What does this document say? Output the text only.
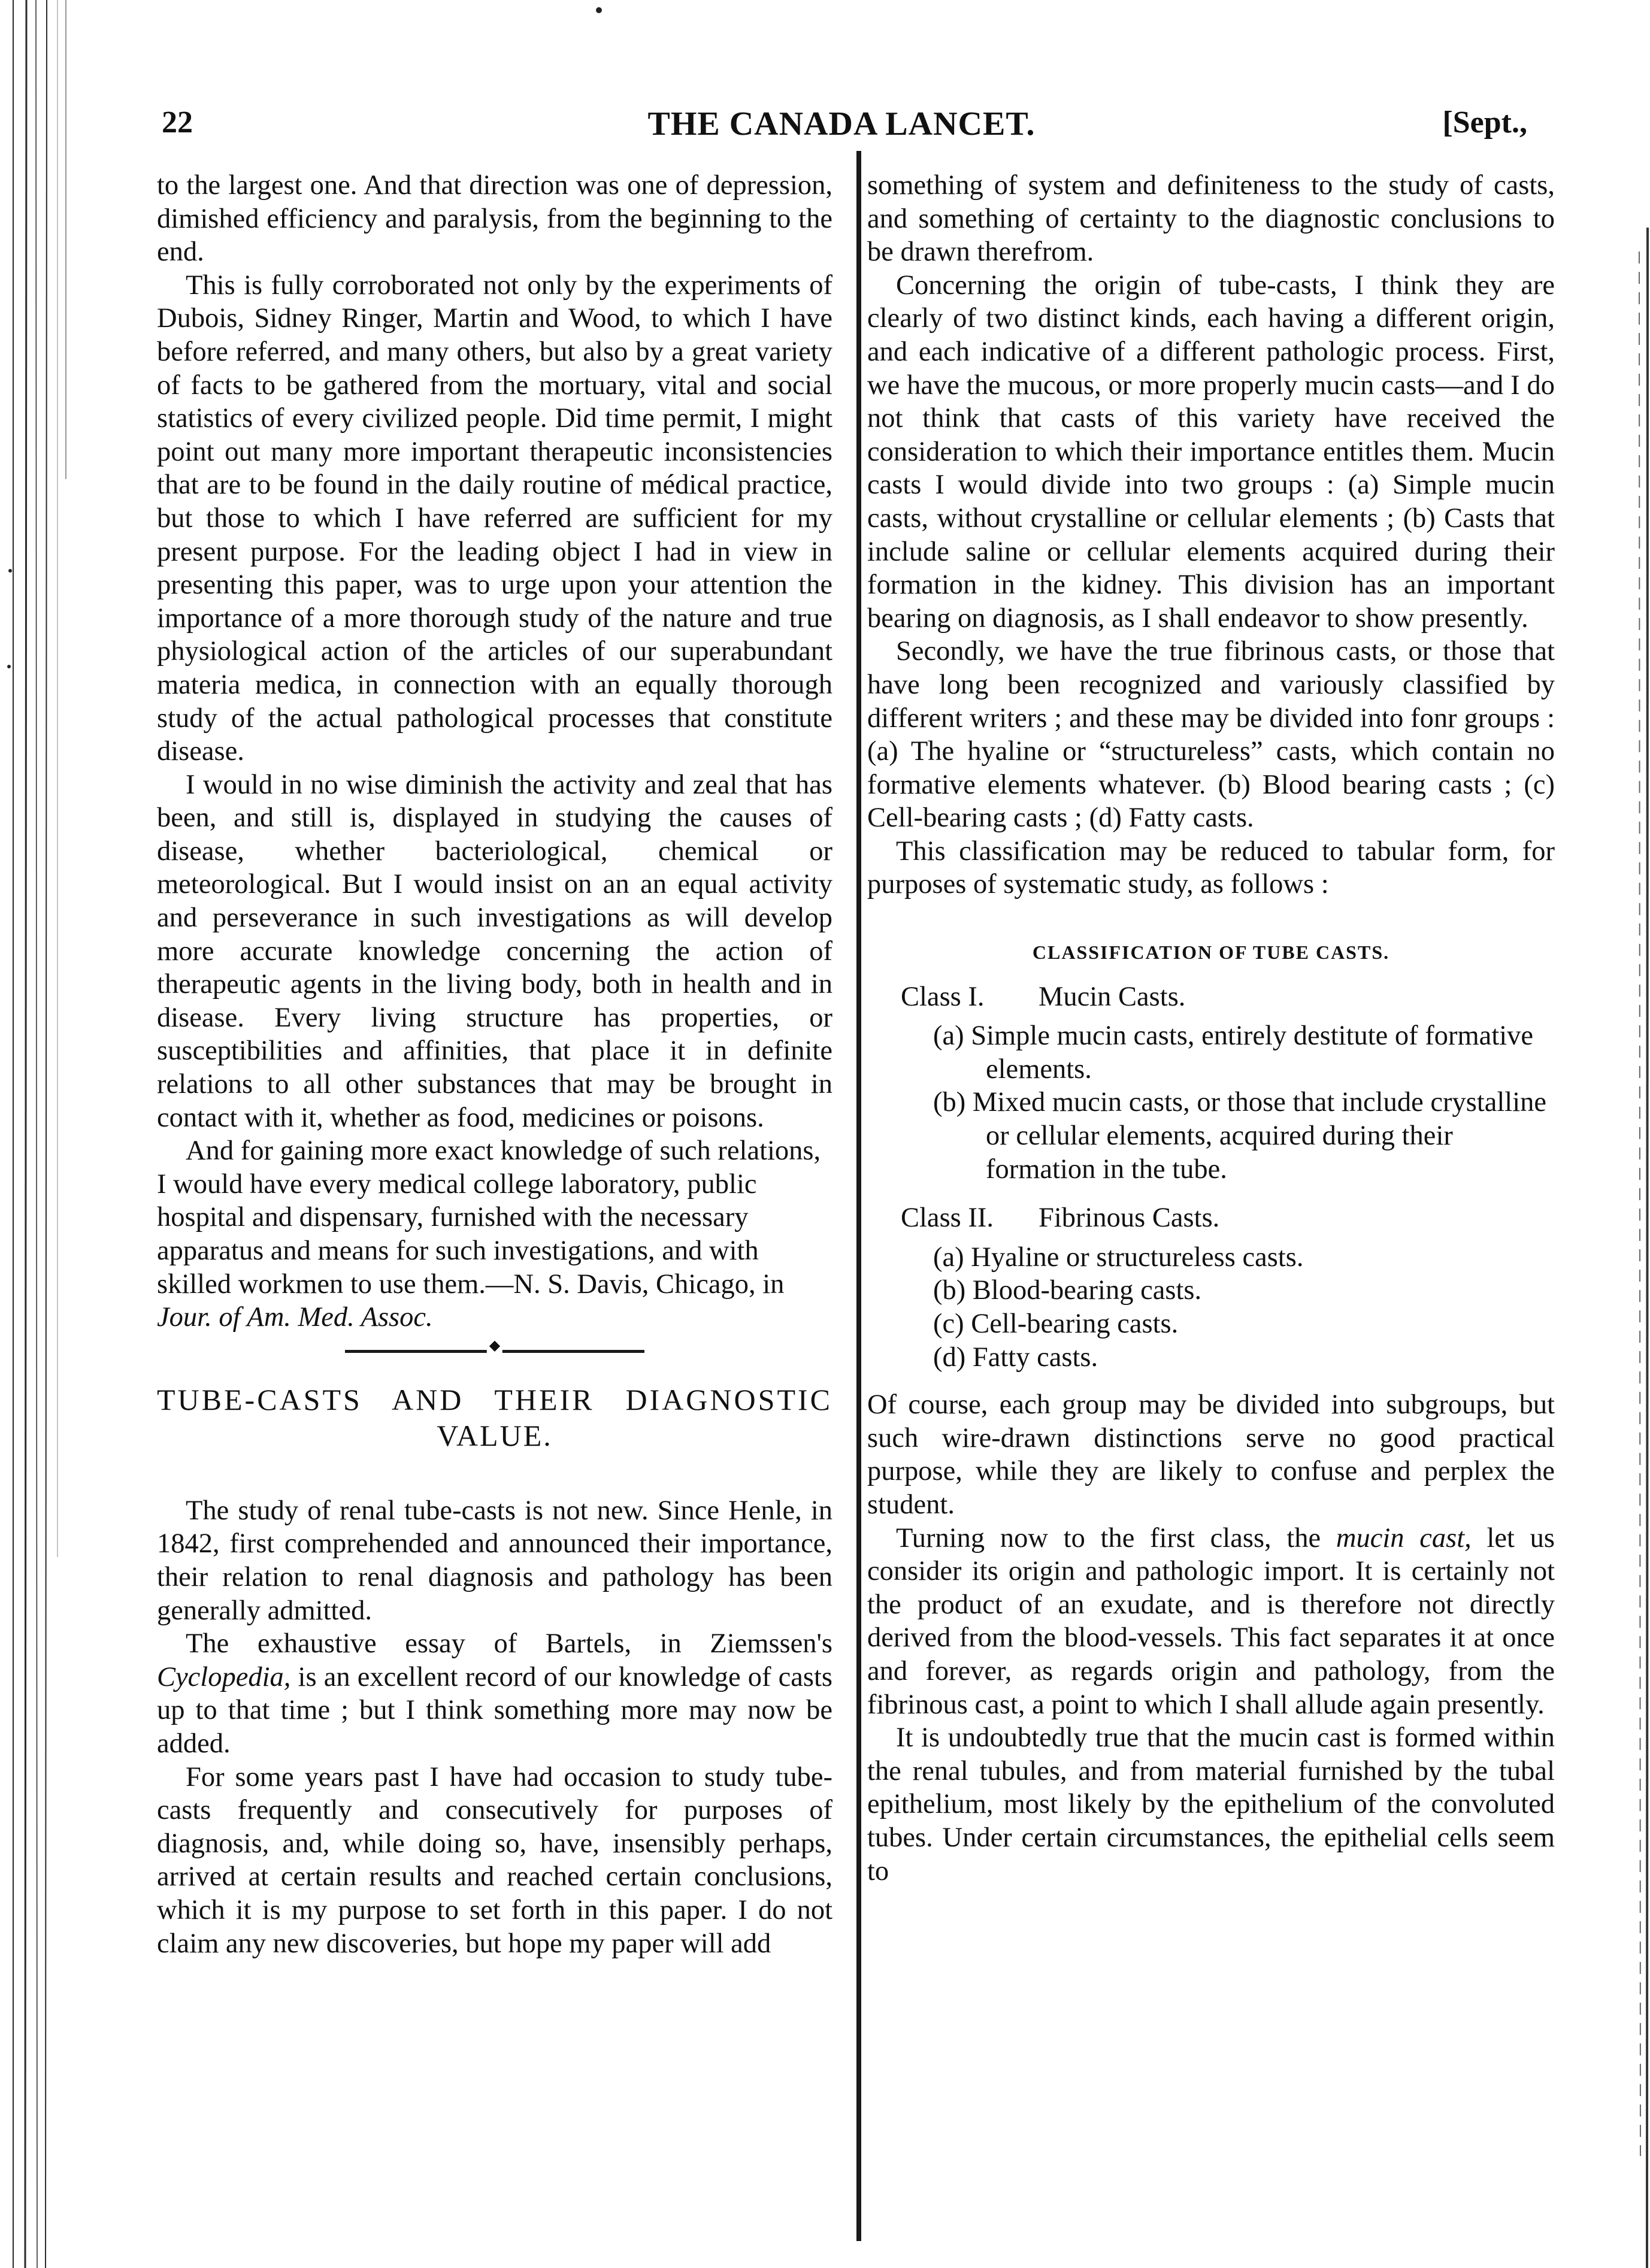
22	THE CANADA LANCET.	[Sept.,

to the largest one. And that direction was one of depression, dimished efficiency and paralysis, from the beginning to the end.

This is fully corroborated not only by the experiments of Dubois, Sidney Ringer, Martin and Wood, to which I have before referred, and many others, but also by a great variety of facts to be gathered from the mortuary, vital and social statistics of every civilized people. Did time permit, I might point out many more important therapeutic inconsistencies that are to be found in the daily routine of médical practice, but those to which I have referred are sufficient for my present purpose. For the leading object I had in view in presenting this paper, was to urge upon your attention the importance of a more thorough study of the nature and true physiological action of the articles of our superabundant materia medica, in connection with an equally thorough study of the actual pathological processes that constitute disease.

I would in no wise diminish the activity and zeal that has been, and still is, displayed in studying the causes of disease, whether bacteriological, chemical or meteorological. But I would insist on an an equal activity and perseverance in such investigations as will develop more accurate knowledge concerning the action of therapeutic agents in the living body, both in health and in disease. Every living structure has properties, or susceptibilities and affinities, that place it in definite relations to all other substances that may be brought in contact with it, whether as food, medicines or poisons.

And for gaining more exact knowledge of such relations, I would have every medical college laboratory, public hospital and dispensary, furnished with the necessary apparatus and means for such investigations, and with skilled workmen to use them.—N. S. Davis, Chicago, in Jour. of Am. Med. Assoc.

◆
TUBE-CASTS AND THEIR DIAGNOSTIC
VALUE.

The study of renal tube-casts is not new. Since Henle, in 1842, first comprehended and announced their importance, their relation to renal diagnosis and pathology has been generally admitted.

The exhaustive essay of Bartels, in Ziemssen's Cyclopedia, is an excellent record of our knowledge of casts up to that time ; but I think something more may now be added.

For some years past I have had occasion to study tube-casts frequently and consecutively for purposes of diagnosis, and, while doing so, have, insensibly perhaps, arrived at certain results and reached certain conclusions, which it is my purpose to set forth in this paper. I do not claim any new discoveries, but hope my paper will add

something of system and definiteness to the study of casts, and something of certainty to the diagnostic conclusions to be drawn therefrom.

Concerning the origin of tube-casts, I think they are clearly of two distinct kinds, each having a different origin, and each indicative of a different pathologic process. First, we have the mucous, or more properly mucin casts—and I do not think that casts of this variety have received the consideration to which their importance entitles them. Mucin casts I would divide into two groups : (a) Simple mucin casts, without crystalline or cellular elements ; (b) Casts that include saline or cellular elements acquired during their formation in the kidney. This division has an important bearing on diagnosis, as I shall endeavor to show presently.

Secondly, we have the true fibrinous casts, or those that have long been recognized and variously classified by different writers ; and these may be divided into fonr groups : (a) The hyaline or “structureless” casts, which contain no formative elements whatever. (b) Blood bearing casts ; (c) Cell-bearing casts ; (d) Fatty casts.

This classification may be reduced to tabular form, for purposes of systematic study, as follows :

CLASSIFICATION OF TUBE CASTS.
Class I. Mucin Casts.
(a) Simple mucin casts, entirely destitute of formative elements.
(b) Mixed mucin casts, or those that include crystalline or cellular elements, acquired during their formation in the tube.
Class II. Fibrinous Casts.
(a) Hyaline or structureless casts.
(b) Blood-bearing casts.
(c) Cell-bearing casts.
(d) Fatty casts.

Of course, each group may be divided into subgroups, but such wire-drawn distinctions serve no good practical purpose, while they are likely to confuse and perplex the student.

Turning now to the first class, the mucin cast, let us consider its origin and pathologic import. It is certainly not the product of an exudate, and is therefore not directly derived from the blood-vessels. This fact separates it at once and forever, as regards origin and pathology, from the fibrinous cast, a point to which I shall allude again presently.

It is undoubtedly true that the mucin cast is formed within the renal tubules, and from material furnished by the tubal epithelium, most likely by the epithelium of the convoluted tubes. Under certain circumstances, the epithelial cells seem to
